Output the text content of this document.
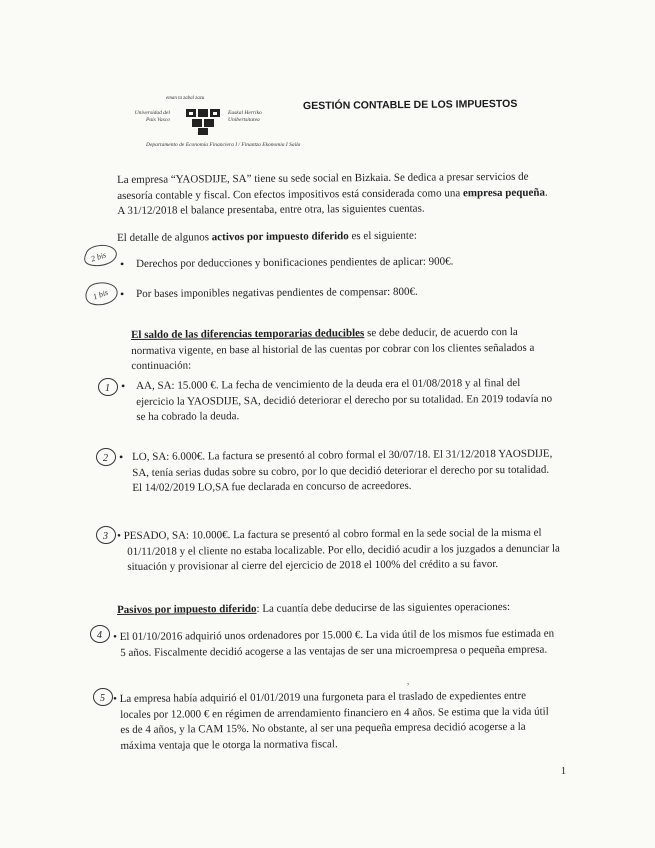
eman ta zabal zazu
Universidad del País Vasco
Euskal Herriko Unibertsitatea
Departamento de Economía Financiera I / Finantza Ekonomia I Saila
GESTIÓN CONTABLE DE LOS IMPUESTOS
La empresa “YAOSDIJE, SA” tiene su sede social en Bizkaia. Se dedica a presar servicios de
asesoría contable y fiscal. Con efectos impositivos está considerada como una empresa pequeña.
A 31/12/2018 el balance presentaba, entre otra, las siguientes cuentas.
El detalle de algunos activos por impuesto diferido es el siguiente:
2 bis
1 bis
• Derechos por deducciones y bonificaciones pendientes de aplicar: 900€.
• Por bases imponibles negativas pendientes de compensar: 800€.
El saldo de las diferencias temporarias deducibles se debe deducir, de acuerdo con la
normativa vigente, en base al historial de las cuentas por cobrar con los clientes señalados a
continuación:
1 • AA, SA: 15.000 €. La fecha de vencimiento de la deuda era el 01/08/2018 y al final del
ejercicio la YAOSDIJE, SA, decidió deteriorar el derecho por su totalidad. En 2019 todavía no
se ha cobrado la deuda.
2 • LO, SA: 6.000€. La factura se presentó al cobro formal el 30/07/18. El 31/12/2018 YAOSDIJE,
SA, tenía serias dudas sobre su cobro, por lo que decidió deteriorar el derecho por su totalidad.
El 14/02/2019 LO,SA fue declarada en concurso de acreedores.
3 • PESADO, SA: 10.000€. La factura se presentó al cobro formal en la sede social de la misma el
01/11/2018 y el cliente no estaba localizable. Por ello, decidió acudir a los juzgados a denunciar la
situación y provisionar al cierre del ejercicio de 2018 el 100% del crédito a su favor.
Pasivos por impuesto diferido: La cuantía debe deducirse de las siguientes operaciones:
4 • El 01/10/2016 adquirió unos ordenadores por 15.000 €. La vida útil de los mismos fue estimada en
5 años. Fiscalmente decidió acogerse a las ventajas de ser una microempresa o pequeña empresa.
,
5 • La empresa había adquirió el 01/01/2019 una furgoneta para el traslado de expedientes entre
locales por 12.000 € en régimen de arrendamiento financiero en 4 años. Se estima que la vida útil
es de 4 años, y la CAM 15%. No obstante, al ser una pequeña empresa decidió acogerse a la
máxima ventaja que le otorga la normativa fiscal.
1
